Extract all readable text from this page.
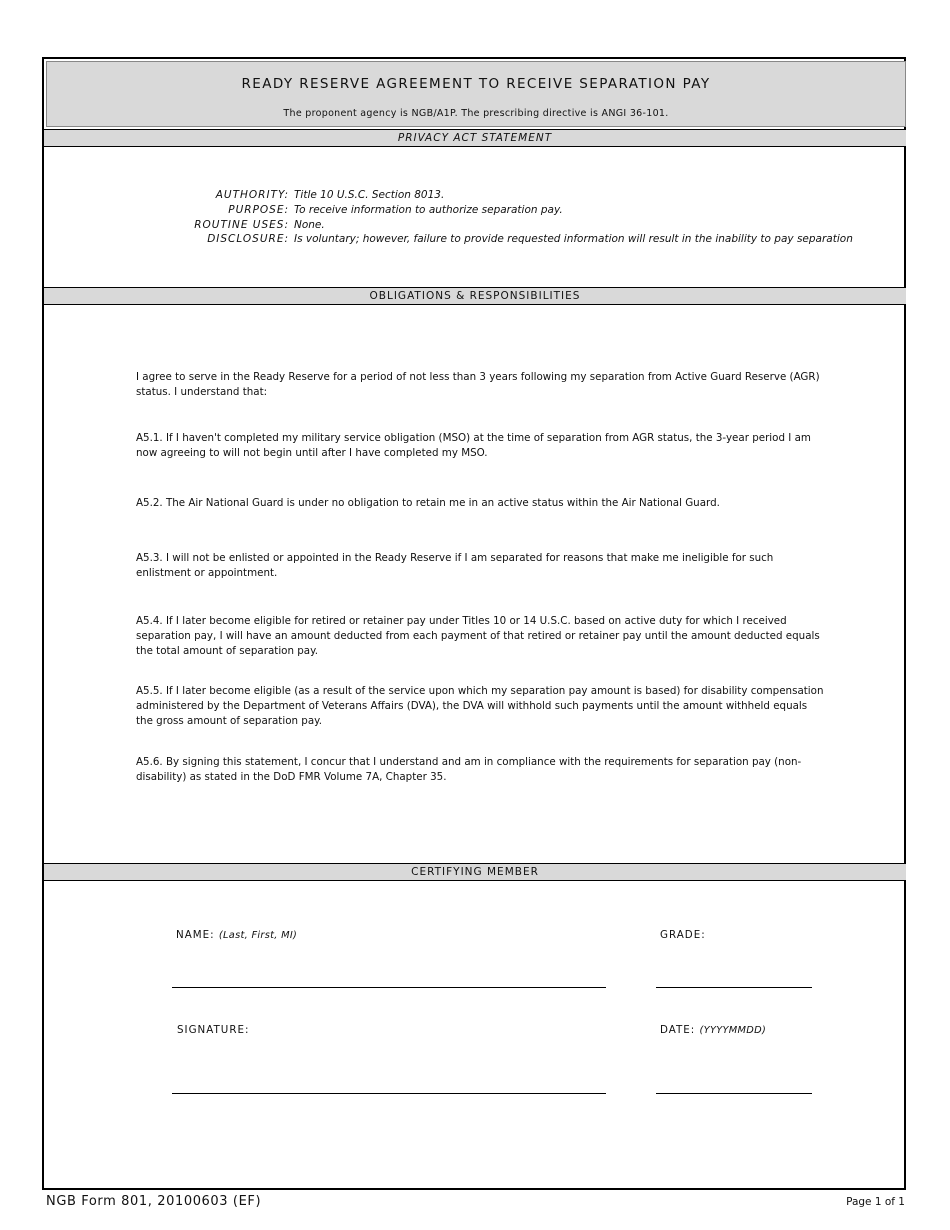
READY RESERVE AGREEMENT TO RECEIVE SEPARATION PAY
The proponent agency is NGB/A1P. The prescribing directive is ANGI 36-101.
PRIVACY ACT STATEMENT
AUTHORITY: Title 10 U.S.C. Section 8013.
PURPOSE: To receive information to authorize separation pay.
ROUTINE USES: None.
DISCLOSURE: Is voluntary; however, failure to provide requested information will result in the inability to pay separation
OBLIGATIONS & RESPONSIBILITIES
I agree to serve in the Ready Reserve for a period of not less than 3 years following my separation from Active Guard Reserve (AGR) status. I understand that:
A5.1. If I haven't completed my military service obligation (MSO) at the time of separation from AGR status, the 3-year period I am now agreeing to will not begin until after I have completed my MSO.
A5.2. The Air National Guard is under no obligation to retain me in an active status within the Air National Guard.
A5.3. I will not be enlisted or appointed in the Ready Reserve if I am separated for reasons that make me ineligible for such enlistment or appointment.
A5.4. If I later become eligible for retired or retainer pay under Titles 10 or 14 U.S.C. based on active duty for which I received separation pay, I will have an amount deducted from each payment of that retired or retainer pay until the amount deducted equals the total amount of separation pay.
A5.5. If I later become eligible (as a result of the service upon which my separation pay amount is based) for disability compensation administered by the Department of Veterans Affairs (DVA), the DVA will withhold such payments until the amount withheld equals the gross amount of separation pay.
A5.6. By signing this statement, I concur that I understand and am in compliance with the requirements for separation pay (non-disability) as stated in the DoD FMR Volume 7A, Chapter 35.
CERTIFYING MEMBER
NAME: (Last, First, MI)	GRADE:
SIGNATURE:	DATE: (YYYYMMDD)
NGB Form 801, 20100603 (EF)	Page 1 of 1
